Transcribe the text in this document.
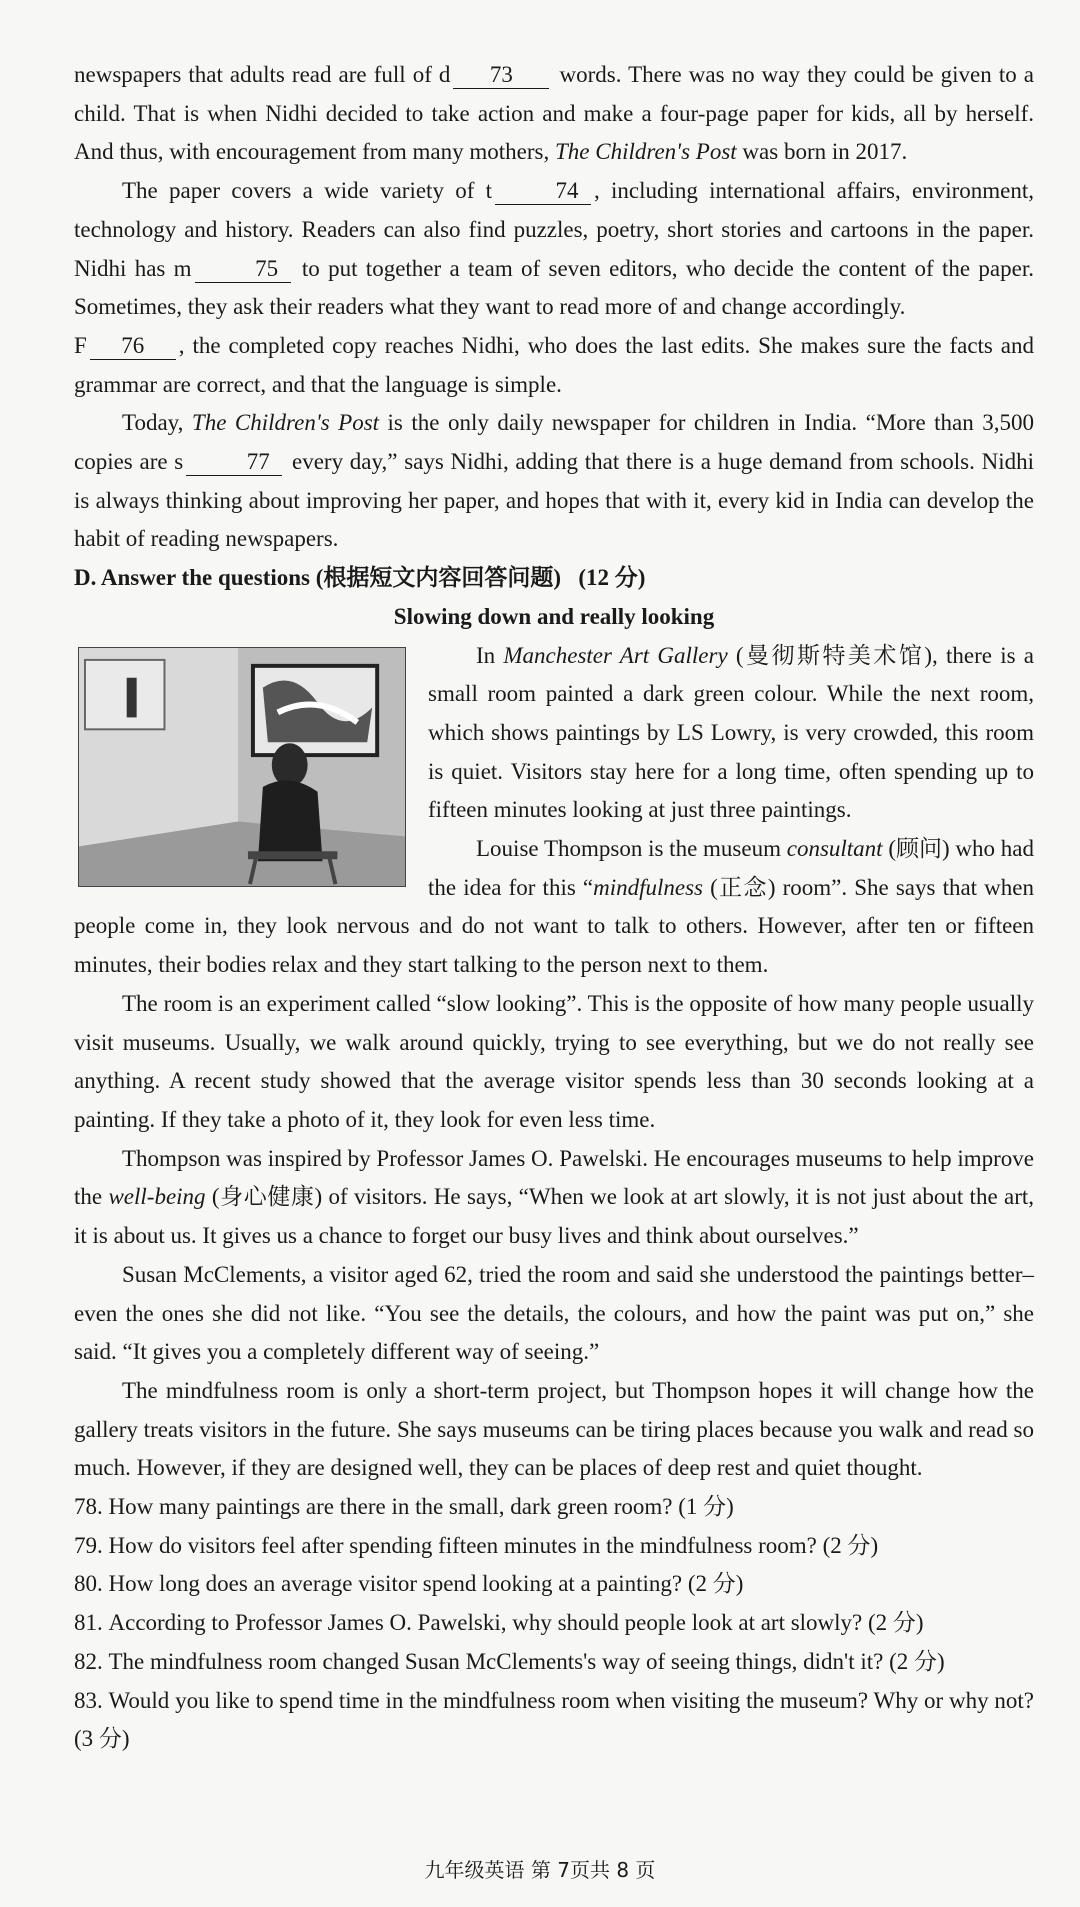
newspapers that adults read are full of d 73 words. There was no way they could be given to a child. That is when Nidhi decided to take action and make a four-page paper for kids, all by herself. And thus, with encouragement from many mothers, The Children's Post was born in 2017.

The paper covers a wide variety of t	74 , including international affairs, environment, technology and history. Readers can also find puzzles, poetry, short stories and cartoons in the paper. Nidhi has m	75 to put together a team of seven editors, who decide the content of the paper. Sometimes, they ask their readers what they want to read more of and change accordingly.

F 76 , the completed copy reaches Nidhi, who does the last edits. She makes sure the facts and grammar are correct, and that the language is simple.

Today, The Children's Post is the only daily newspaper for children in India. “More than 3,500 copies are s	77 every day,” says Nidhi, adding that there is a huge demand from schools. Nidhi is always thinking about improving her paper, and hopes that with it, every kid in India can develop the habit of reading newspapers.

D. Answer the questions (根据短文内容回答问题)   (12 分)

Slowing down and really looking

In Manchester Art Gallery (曼彻斯特美术馆), there is a small room painted a dark green colour. While the next room, which shows paintings by LS Lowry, is very crowded, this room is quiet. Visitors stay here for a long time, often spending up to fifteen minutes looking at just three paintings.

Louise Thompson is the museum consultant (顾问) who had the idea for this “mindfulness (正念) room”. She says that when people come in, they look nervous and do not want to talk to others. However, after ten or fifteen minutes, their bodies relax and they start talking to the person next to them.

The room is an experiment called “slow looking”. This is the opposite of how many people usually visit museums. Usually, we walk around quickly, trying to see everything, but we do not really see anything. A recent study showed that the average visitor spends less than 30 seconds looking at a painting. If they take a photo of it, they look for even less time.

Thompson was inspired by Professor James O. Pawelski. He encourages museums to help improve the well-being (身心健康) of visitors. He says, “When we look at art slowly, it is not just about the art, it is about us. It gives us a chance to forget our busy lives and think about ourselves.”

Susan McClements, a visitor aged 62, tried the room and said she understood the paintings better–even the ones she did not like. “You see the details, the colours, and how the paint was put on,” she said. “It gives you a completely different way of seeing.”

The mindfulness room is only a short-term project, but Thompson hopes it will change how the gallery treats visitors in the future. She says museums can be tiring places because you walk and read so much. However, if they are designed well, they can be places of deep rest and quiet thought.

78. How many paintings are there in the small, dark green room? (1 分)

79. How do visitors feel after spending fifteen minutes in the mindfulness room? (2 分)

80. How long does an average visitor spend looking at a painting? (2 分)

81. According to Professor James O. Pawelski, why should people look at art slowly? (2 分)

82. The mindfulness room changed Susan McClements's way of seeing things, didn't it? (2 分)

83. Would you like to spend time in the mindfulness room when visiting the museum? Why or why not? (3 分)

九年级英语 第 7页共 8 页
